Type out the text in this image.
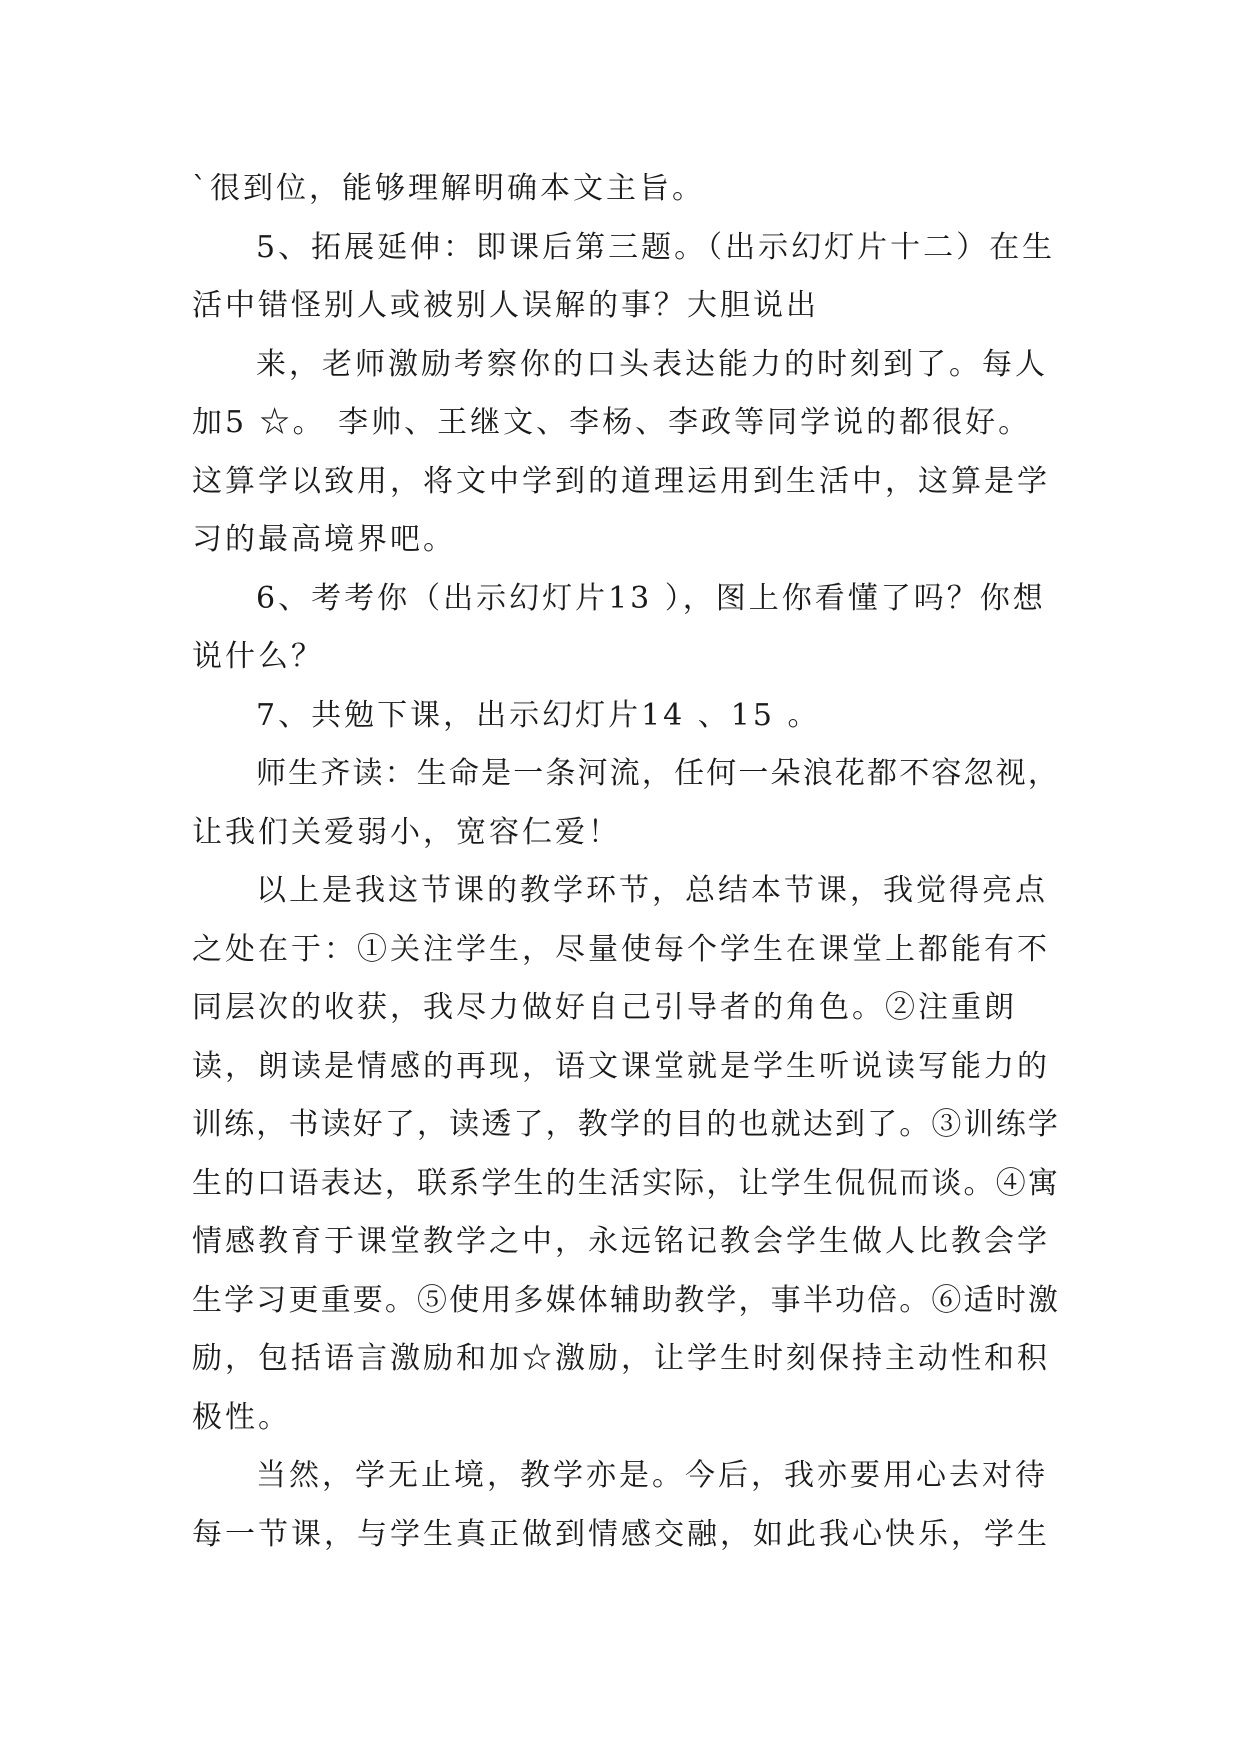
`很到位，能够理解明确本文主旨。
5、拓展延伸：即课后第三题。（出示幻灯片十二）在生
活中错怪别人或被别人误解的事？大胆说出
来，老师激励考察你的口头表达能力的时刻到了。每人
加5 ☆。 李帅、王继文、李杨、李政等同学说的都很好。
这算学以致用，将文中学到的道理运用到生活中，这算是学
习的最高境界吧。
6、考考你（出示幻灯片13 ），图上你看懂了吗？你想
说什么？
7、共勉下课，出示幻灯片14 、15 。
师生齐读：生命是一条河流，任何一朵浪花都不容忽视，
让我们关爱弱小，宽容仁爱！
以上是我这节课的教学环节，总结本节课，我觉得亮点
之处在于：①关注学生，尽量使每个学生在课堂上都能有不
同层次的收获，我尽力做好自己引导者的角色。②注重朗
读，朗读是情感的再现，语文课堂就是学生听说读写能力的
训练，书读好了，读透了，教学的目的也就达到了。③训练学
生的口语表达，联系学生的生活实际，让学生侃侃而谈。④寓
情感教育于课堂教学之中，永远铭记教会学生做人比教会学
生学习更重要。⑤使用多媒体辅助教学，事半功倍。⑥适时激
励，包括语言激励和加☆激励，让学生时刻保持主动性和积
极性。
当然，学无止境，教学亦是。今后，我亦要用心去对待
每一节课，与学生真正做到情感交融，如此我心快乐，学生
